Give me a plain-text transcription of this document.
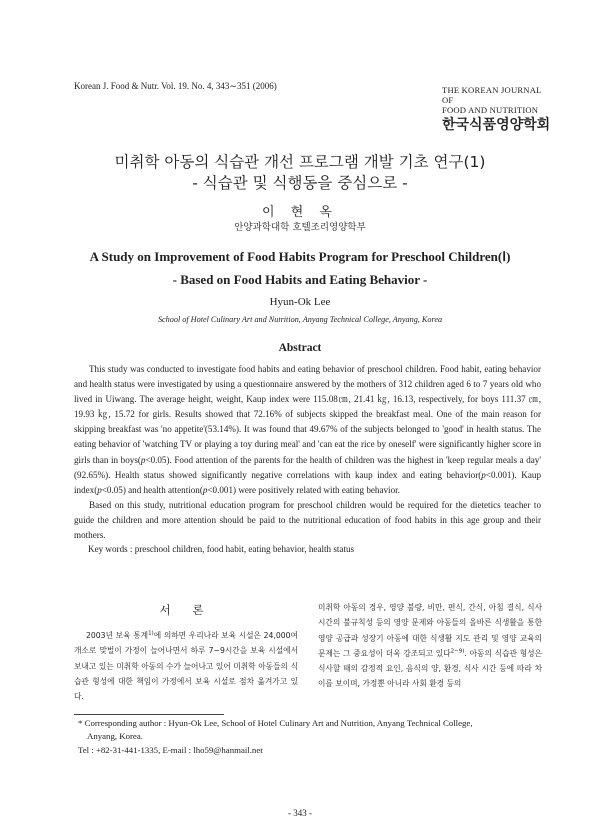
Korean J. Food & Nutr. Vol. 19. No. 4, 343∼351 (2006)	THE KOREAN JOURNAL OF
FOOD AND NUTRITION
한국식품영양학회
미취학 아동의 식습관 개선 프로그램 개발 기초 연구(1)
- 식습관 및 식행동을 중심으로 -
이 현 옥
안양과학대학 호텔조리영양학부
A Study on Improvement of Food Habits Program for Preschool Children(Ⅰ)
- Based on Food Habits and Eating Behavior -
Hyun-Ok Lee
School of Hotel Culinary Art and Nutrition, Anyang Technical College, Anyang, Korea
Abstract

This study was conducted to investigate food habits and eating behavior of preschool children. Food habit, eating behavior and health status were investigated by using a questionnaire answered by the mothers of 312 children aged 6 to 7 years old who lived in Uiwang. The average height, weight, Kaup index were 115.08㎝, 21.41 ㎏, 16.13, respectively, for boys 111.37 ㎝, 19.93 ㎏, 15.72 for girls. Results showed that 72.16% of subjects skipped the breakfast meal. One of the main reason for skipping breakfast was 'no appetite'(53.14%). It was found that 49.67% of the subjects belonged to 'good' in health status. The eating behavior of 'watching TV or playing a toy during meal' and 'can eat the rice by oneself' were significantly higher score in girls than in boys(p<0.05). Food attention of the parents for the health of children was the highest in 'keep regular meals a day' (92.65%). Health status showed significantly negative correlations with kaup index and eating behavior(p<0.001). Kaup index(p<0.05) and health attention(p<0.001) were positively related with eating behavior.

Based on this study, nutritional education program for preschool children would be required for the dietetics teacher to guide the children and more attention should be paid to the nutritional education of food habits in this age group and their mothers.

Key words : preschool children, food habit, eating behavior, health status
서 론

2003년 보육 통계$^{1)}$에 의하면 우리나라 보육 시설은 24,000여 개소로 맞벌이 가정이 늘어나면서 하루 7∼9시간을 보육 시설에서 보내고 있는 미취학 아동의 수가 늘어나고 있어 미취학 아동들의 식습관 형성에 대한 책임이 가정에서 보육 시설로 점차 옮겨가고 있다.

미취학 아동의 경우, 영양 불량, 비만, 편식, 간식, 아침 결식, 식사 시간의 불규칙성 등의 영양 문제와 아동들의 올바른 식생활을 통한 영양 공급과 성장기 아동에 대한 식생활 지도 관리 및 영양 교육의 문제는 그 중요성이 더욱 강조되고 있다$^{2\sim 9)}$. 아동의 식습관 형성은 식사할 때의 감정적 요인, 음식의 양, 환경, 식사 시간 등에 따라 차이를 보이며, 가정뿐 아니라 사회 환경 등의

* Corresponding author : Hyun-Ok Lee, School of Hotel Culinary Art and Nutrition, Anyang Technical College,
Anyang, Korea.
Tel : +82-31-441-1335, E-mail : lho59@hanmail.net
- 343 -
